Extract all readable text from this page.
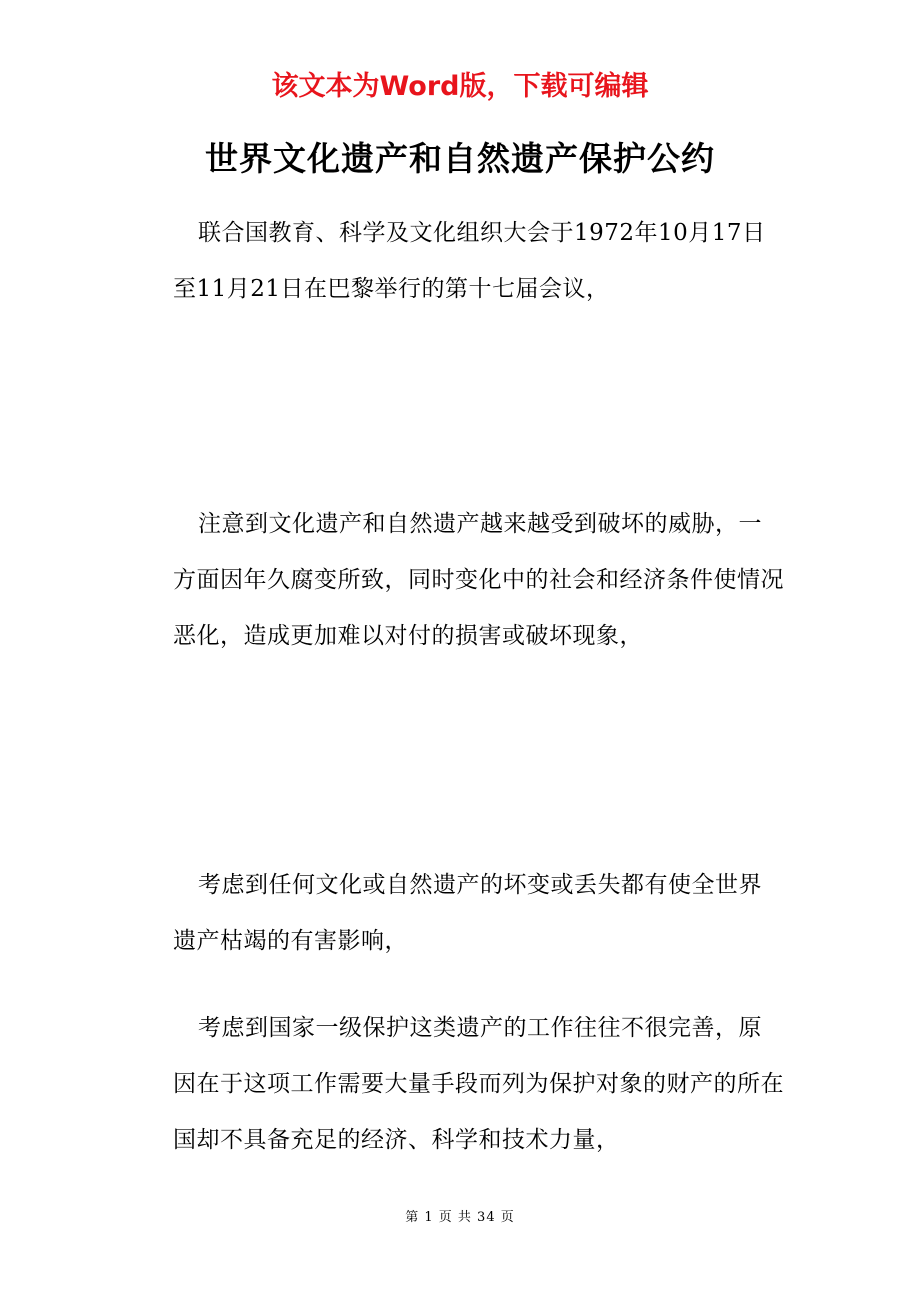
该文本为Word版，下载可编辑
世界文化遗产和自然遗产保护公约

联合国教育、科学及文化组织大会于1972年10月17日至11月21日在巴黎举行的第十七届会议，

注意到文化遗产和自然遗产越来越受到破坏的威胁，一方面因年久腐变所致，同时变化中的社会和经济条件使情况恶化，造成更加难以对付的损害或破坏现象，

考虑到任何文化或自然遗产的坏变或丢失都有使全世界遗产枯竭的有害影响，

考虑到国家一级保护这类遗产的工作往往不很完善，原因在于这项工作需要大量手段而列为保护对象的财产的所在国却不具备充足的经济、科学和技术力量，

第 1 页 共 34 页
